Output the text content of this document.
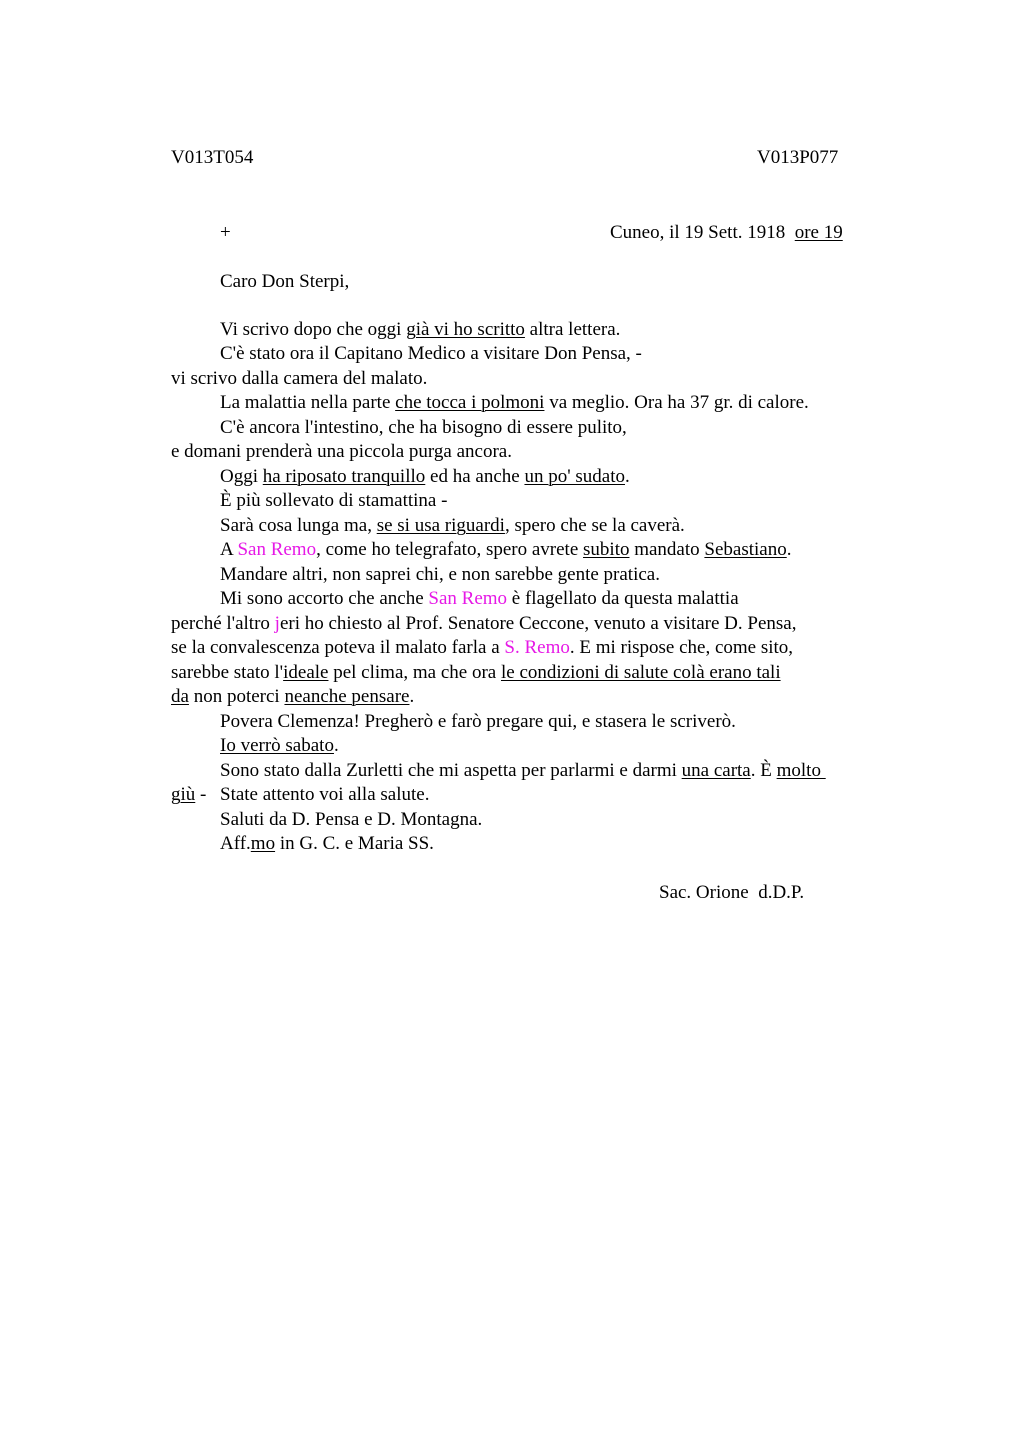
V013T054	V013P077
+	Cuneo, il 19 Sett. 1918 ore 19
Caro Don Sterpi,
Vi scrivo dopo che oggi già vi ho scritto altra lettera.
C'è stato ora il Capitano Medico a visitare Don Pensa, -
vi scrivo dalla camera del malato.
La malattia nella parte che tocca i polmoni va meglio. Ora ha 37 gr. di calore.
C'è ancora l'intestino, che ha bisogno di essere pulito,
e domani prenderà una piccola purga ancora.
Oggi ha riposato tranquillo ed ha anche un po' sudato.
È più sollevato di stamattina -
Sarà cosa lunga ma, se si usa riguardi, spero che se la caverà.
A San Remo, come ho telegrafato, spero avrete subito mandato Sebastiano.
Mandare altri, non saprei chi, e non sarebbe gente pratica.
Mi sono accorto che anche San Remo è flagellato da questa malattia
perché l'altro jeri ho chiesto al Prof. Senatore Ceccone, venuto a visitare D. Pensa,
se la convalescenza poteva il malato farla a S. Remo. E mi rispose che, come sito,
sarebbe stato l'ideale pel clima, ma che ora le condizioni di salute colà erano tali
da non poterci neanche pensare.
Povera Clemenza! Pregherò e farò pregare qui, e stasera le scriverò.
Io verrò sabato.
Sono stato dalla Zurletti che mi aspetta per parlarmi e darmi una carta. È molto
giù - State attento voi alla salute.
Saluti da D. Pensa e D. Montagna.
Aff.mo in G. C. e Maria SS.
Sac. Orione  d.D.P.
